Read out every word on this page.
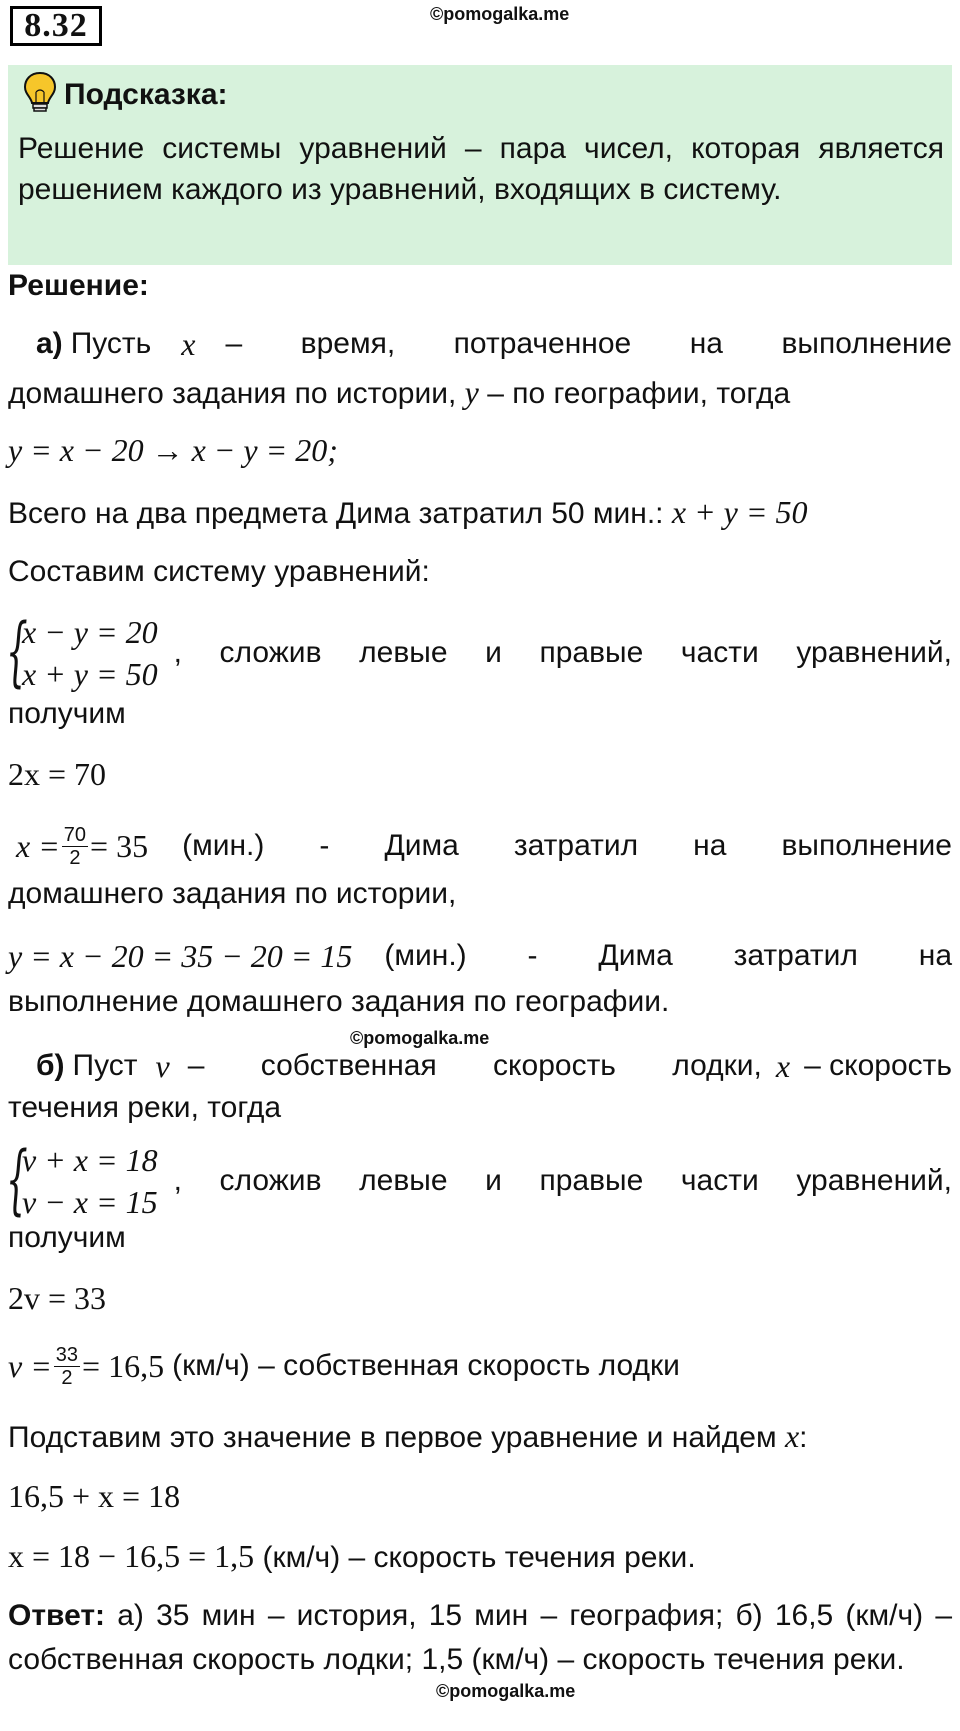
8.32	©pomogalka.me
Подсказка:
Решение системы уравнений – пара чисел, которая является решением каждого из уравнений, входящих в систему.
Решение:
а) Пусть x – время, потраченное на выполнение
домашнего задания по истории, y – по географии, тогда
y = x − 20 → x − y = 20;
Всего на два предмета Дима затратил 50 мин.: x + y = 50
Составим систему уравнений:
{
x − y = 20
x + y = 50
, сложив левые и правые части уравнений,
получим
2x = 70
$x = \frac{70}{2} = 35$	(мин.) - Дима затратил на выполнение
домашнего задания по истории,
y = x − 20 = 35 − 20 = 15	(мин.) - Дима затратил на
выполнение домашнего задания по географии.
©pomogalka.me
б) Пуст v – собственная скорость лодки, x – скорость
течения реки, тогда
{
v + x = 18
v − x = 15
, сложив левые и правые части уравнений,
получим
2v = 33
$v = \frac{33}{2} = 16,5$ (км/ч) – собственная скорость лодки
Подставим это значение в первое уравнение и найдем x:
16,5 + x = 18
x = 18 − 16,5 = 1,5 (км/ч) – скорость течения реки.
Ответ: а) 35 мин – история, 15 мин – география; б) 16,5 (км/ч) – собственная скорость лодки; 1,5 (км/ч) – скорость течения реки.
©pomogalka.me
